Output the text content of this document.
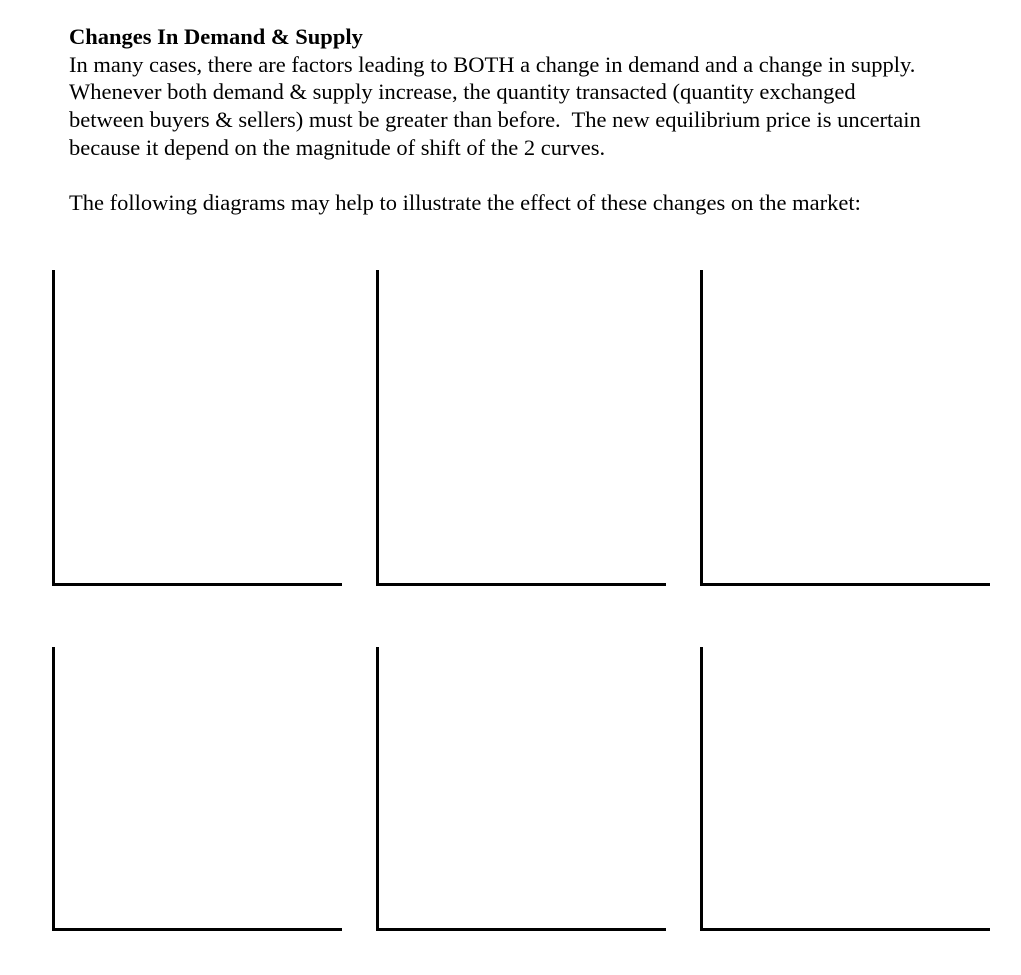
Changes In Demand & Supply

In many cases, there are factors leading to BOTH a change in demand and a change in supply.
Whenever both demand & supply increase, the quantity transacted (quantity exchanged
between buyers & sellers) must be greater than before.  The new equilibrium price is uncertain
because it depend on the magnitude of shift of the 2 curves.

The following diagrams may help to illustrate the effect of these changes on the market:
